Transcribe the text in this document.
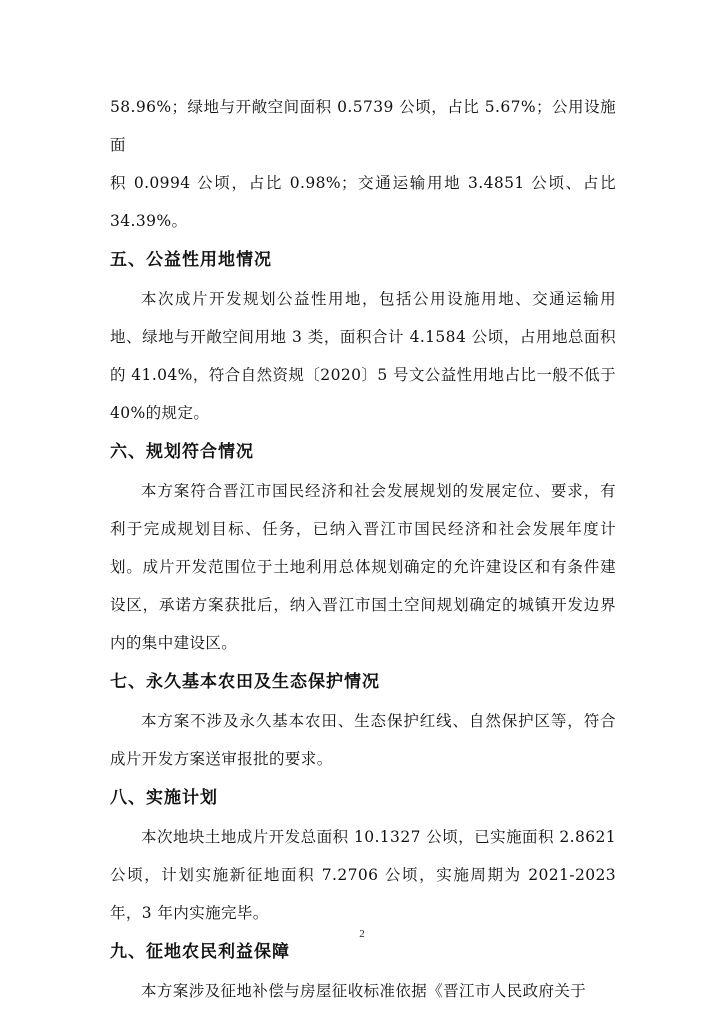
58.96%；绿地与开敞空间面积 0.5739 公顷，占比 5.67%；公用设施面

积 0.0994 公顷，占比 0.98%；交通运输用地 3.4851 公顷、占比 34.39%。

五、公益性用地情况

本次成片开发规划公益性用地，包括公用设施用地、交通运输用地、绿地与开敞空间用地 3 类，面积合计 4.1584 公顷，占用地总面积的 41.04%，符合自然资规〔2020〕5 号文公益性用地占比一般不低于 40%的规定。

六、规划符合情况

本方案符合晋江市国民经济和社会发展规划的发展定位、要求，有利于完成规划目标、任务，已纳入晋江市国民经济和社会发展年度计划。成片开发范围位于土地利用总体规划确定的允许建设区和有条件建设区，承诺方案获批后，纳入晋江市国土空间规划确定的城镇开发边界内的集中建设区。

七、永久基本农田及生态保护情况

本方案不涉及永久基本农田、生态保护红线、自然保护区等，符合成片开发方案送审报批的要求。

八、实施计划

本次地块土地成片开发总面积 10.1327 公顷，已实施面积 2.8621 公顷，计划实施新征地面积 7.2706 公顷，实施周期为 2021-2023 年，3 年内实施完毕。

九、征地农民利益保障

本方案涉及征地补偿与房屋征收标准依据《晋江市人民政府关于

2
